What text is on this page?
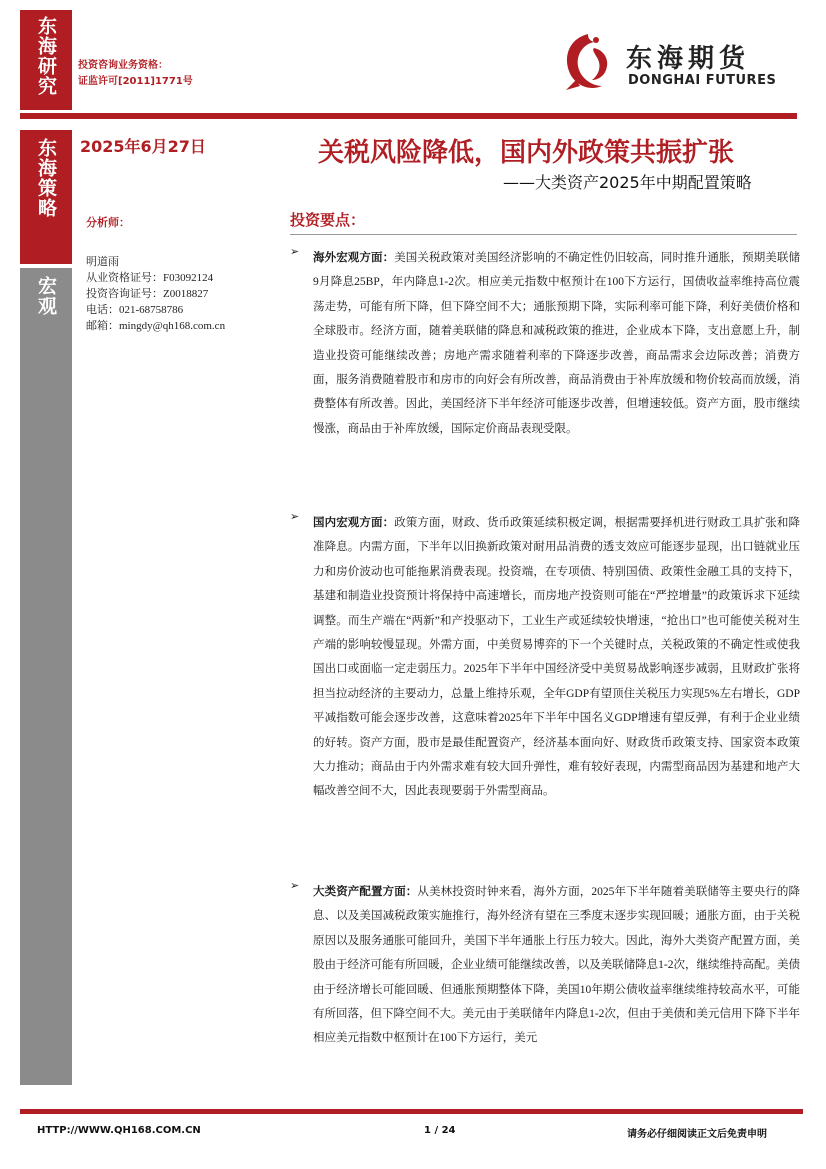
东海研究 投资咨询业务资格：
证监许可[2011]1771号
东海期货
DONGHAI FUTURES
东海策略
宏观
2025年6月27日	关税风险降低，国内外政策共振扩张
——大类资产2025年中期配置策略
分析师：
明道雨
从业资格证号：F03092124
投资咨询证号：Z0018827
电话：021-68758786
邮箱：mingdy@qh168.com.cn
投资要点：
➢ 海外宏观方面：美国关税政策对美国经济影响的不确定性仍旧较高，同时推升通胀，预期美联储9月降息25BP，年内降息1-2次。相应美元指数中枢预计在100下方运行，国债收益率维持高位震荡走势，可能有所下降，但下降空间不大；通胀预期下降，实际利率可能下降，利好美债价格和全球股市。经济方面，随着美联储的降息和减税政策的推进，企业成本下降，支出意愿上升，制造业投资可能继续改善；房地产需求随着利率的下降逐步改善，商品需求会边际改善；消费方面，服务消费随着股市和房市的向好会有所改善，商品消费由于补库放缓和物价较高而放缓，消费整体有所改善。因此，美国经济下半年经济可能逐步改善，但增速较低。资产方面，股市继续慢涨，商品由于补库放缓，国际定价商品表现受限。
➢ 国内宏观方面：政策方面，财政、货币政策延续积极定调，根据需要择机进行财政工具扩张和降准降息。内需方面，下半年以旧换新政策对耐用品消费的透支效应可能逐步显现，出口链就业压力和房价波动也可能拖累消费表现。投资端，在专项债、特别国债、政策性金融工具的支持下，基建和制造业投资预计将保持中高速增长，而房地产投资则可能在“严控增量”的政策诉求下延续调整。而生产端在“两新”和产投驱动下，工业生产或延续较快增速，“抢出口”也可能使关税对生产端的影响较慢显现。外需方面，中美贸易博弈的下一个关键时点，关税政策的不确定性或使我国出口或面临一定走弱压力。2025年下半年中国经济受中美贸易战影响逐步减弱，且财政扩张将担当拉动经济的主要动力，总量上维持乐观，全年GDP有望顶住关税压力实现5%左右增长，GDP平减指数可能会逐步改善，这意味着2025年下半年中国名义GDP增速有望反弹，有利于企业业绩的好转。资产方面，股市是最佳配置资产，经济基本面向好、财政货币政策支持、国家资本政策大力推动；商品由于内外需求难有较大回升弹性，难有较好表现，内需型商品因为基建和地产大幅改善空间不大，因此表现要弱于外需型商品。
➢ 大类资产配置方面：从美林投资时钟来看，海外方面，2025年下半年随着美联储等主要央行的降息、以及美国减税政策实施推行，海外经济有望在三季度末逐步实现回暖；通胀方面，由于关税原因以及服务通胀可能回升，美国下半年通胀上行压力较大。因此，海外大类资产配置方面，美股由于经济可能有所回暖，企业业绩可能继续改善，以及美联储降息1-2次，继续维持高配。美债由于经济增长可能回暖、但通胀预期整体下降，美国10年期公债收益率继续维持较高水平，可能有所回落，但下降空间不大。美元由于美联储年内降息1-2次，但由于美债和美元信用下降下半年相应美元指数中枢预计在100下方运行，美元
HTTP://WWW.QH168.COM.CN	1 / 24	请务必仔细阅读正文后免责申明
